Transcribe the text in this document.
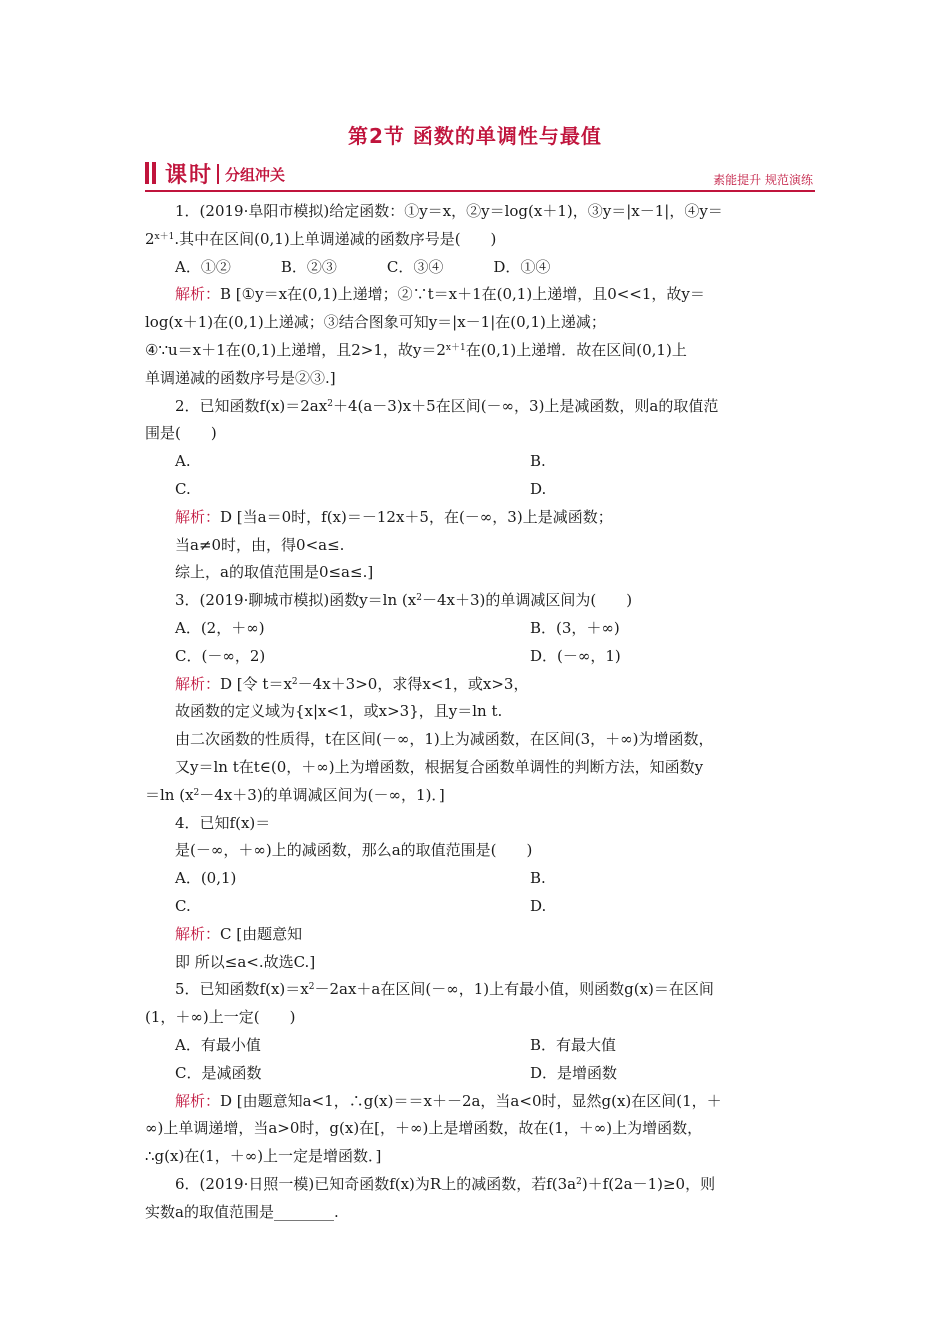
第2节 函数的单调性与最值
课时 分组冲关	素能提升 规范演练
1．(2019·阜阳市模拟)给定函数：①y＝x，②y＝log(x＋1)，③y＝|x－1|，④y＝
$2^{x+1}$.其中在区间(0,1)上单调递减的函数序号是(　　)
A．①②	B．②③	C．③④	D．①④
解析：B [①y＝x在(0,1)上递增；②∵t＝x＋1在(0,1)上递增，且0<<1，故y＝
log(x＋1)在(0,1)上递减；③结合图象可知y＝|x－1|在(0,1)上递减；
④∵u＝x＋1在(0,1)上递增，且2>1，故$y=2^{x+1}$在(0,1)上递增．故在区间(0,1)上
单调递减的函数序号是②③.]
2．已知函数$f(x)=2ax^2+4(a-3)x+5$在区间(－∞，3)上是减函数，则a的取值范
围是(　　)
A.	B.
C.	D.
解析：D [当a＝0时，f(x)＝－12x＋5，在(－∞，3)上是减函数；
当a≠0时，由，得0<a≤.
综上，a的取值范围是0≤a≤.]
3．(2019·聊城市模拟)函数y＝ln $(x^2-4x+3)$的单调减区间为(　　)
A．(2，＋∞)	B．(3，＋∞)
C．(－∞，2)	D．(－∞，1)
解析：D [令 $t=x^2-4x+3>0$，求得x<1，或x>3，
故函数的定义域为{x|x<1，或x>3}，且y＝ln t.
由二次函数的性质得，t在区间(－∞，1)上为减函数，在区间(3，＋∞)为增函数，
又y＝ln t在t∈(0，＋∞)上为增函数，根据复合函数单调性的判断方法，知函数y
＝ln $(x^2-4x+3)$的单调减区间为(－∞，1)．]
4．已知f(x)＝
是(－∞，＋∞)上的减函数，那么a的取值范围是(　　)
A．(0,1)	B.
C.	D.
解析：C [由题意知
即 所以≤a<.故选C.]
5．已知函数$f(x)=x^2-2ax+a$在区间(－∞，1)上有最小值，则函数g(x)＝在区间
(1，＋∞)上一定(　　)
A．有最小值	B．有最大值
C．是减函数	D．是增函数
解析：D [由题意知a<1，∴g(x)＝＝x＋－2a，当a<0时，显然g(x)在区间(1，＋
∞)上单调递增，当a>0时，g(x)在[，＋∞)上是增函数，故在(1，＋∞)上为增函数，
∴g(x)在(1，＋∞)上一定是增函数．]
6．(2019·日照一模)已知奇函数f(x)为R上的减函数，若$f(3a^2)+f(2a-1)\ge 0$，则
实数a的取值范围是________.
